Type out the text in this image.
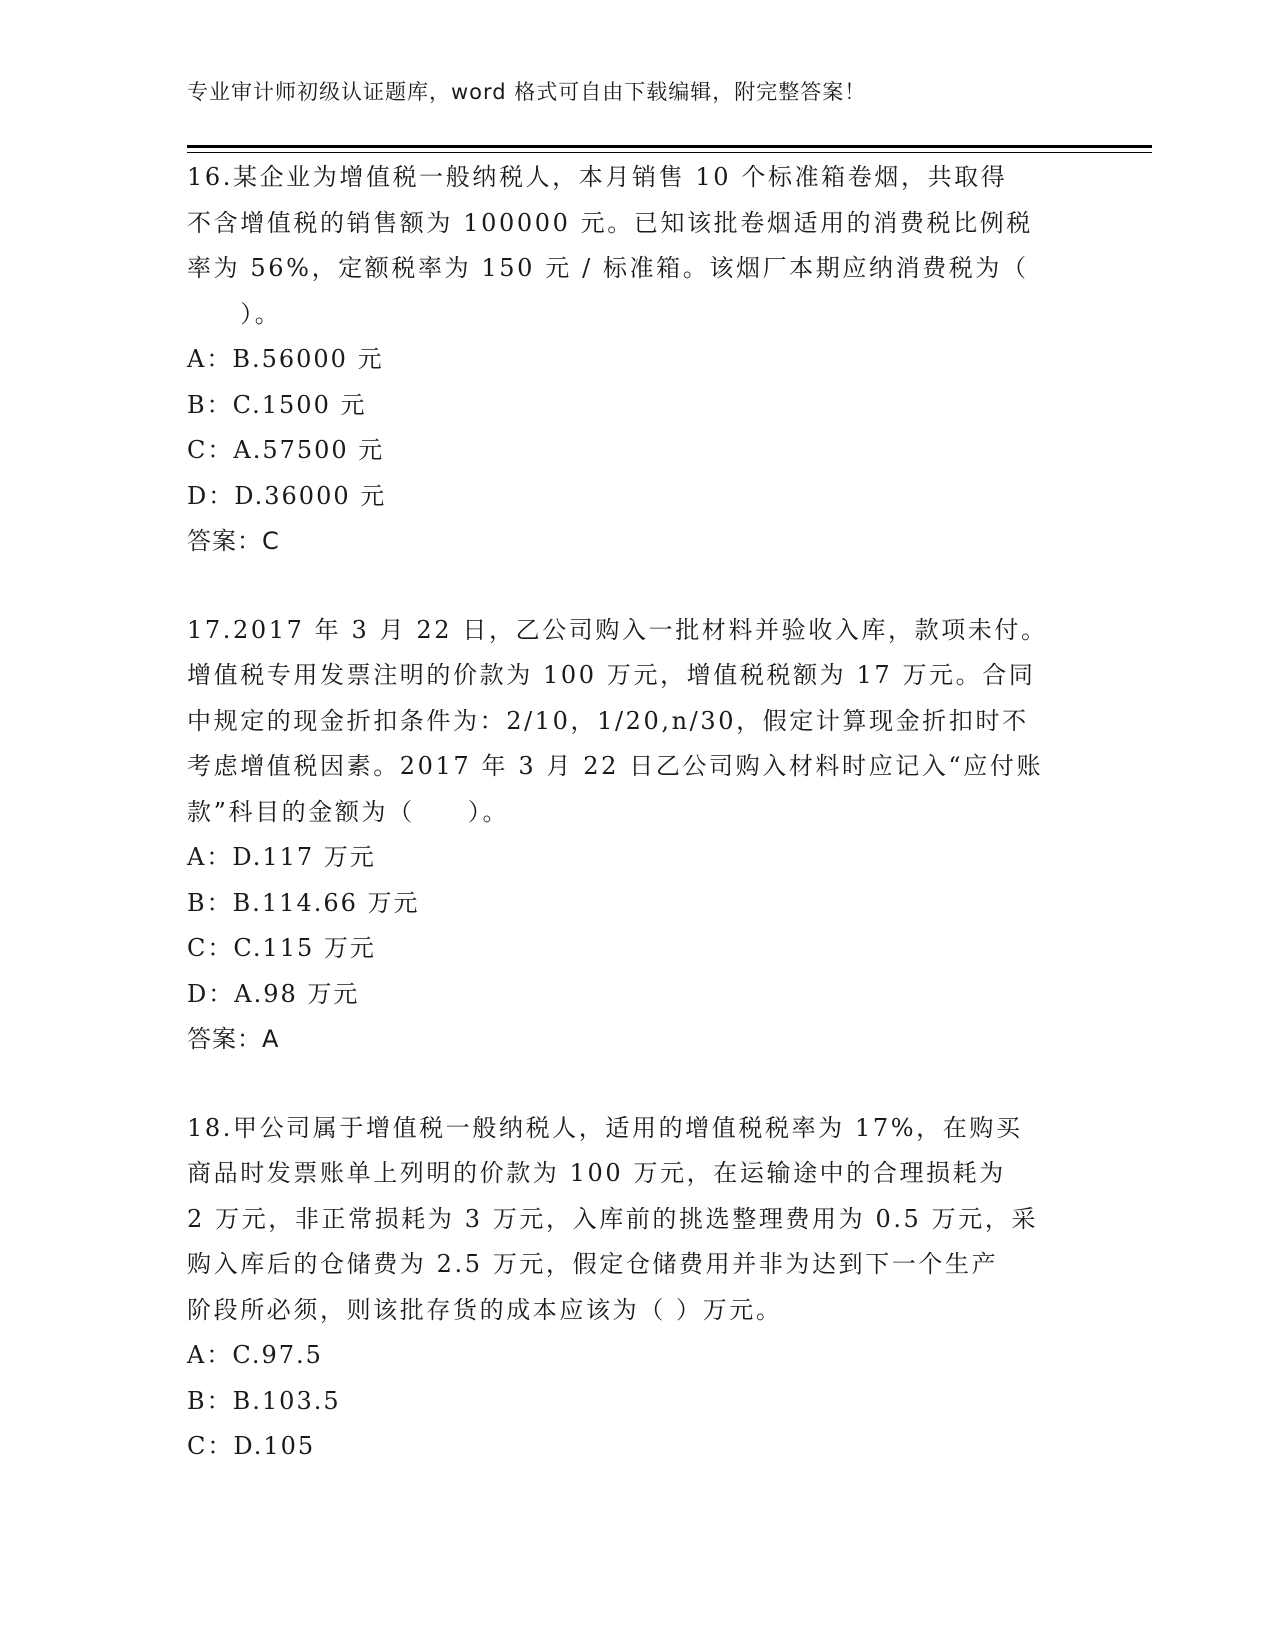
专业审计师初级认证题库，word 格式可自由下载编辑，附完整答案！

16.某企业为增值税一般纳税人，本月销售 10 个标准箱卷烟，共取得

不含增值税的销售额为 100000 元。已知该批卷烟适用的消费税比例税

率为 56%，定额税率为 150 元 / 标准箱。该烟厂本期应纳消费税为（

　　）。

A：B.56000 元

B：C.1500 元

C：A.57500 元

D：D.36000 元

答案：C

17.2017 年 3 月 22 日，乙公司购入一批材料并验收入库，款项未付。

增值税专用发票注明的价款为 100 万元，增值税税额为 17 万元。合同

中规定的现金折扣条件为：2/10，1/20,n/30，假定计算现金折扣时不

考虑增值税因素。2017 年 3 月 22 日乙公司购入材料时应记入“应付账

款”科目的金额为（　　）。

A：D.117 万元

B：B.114.66 万元

C：C.115 万元

D：A.98 万元

答案：A

18.甲公司属于增值税一般纳税人，适用的增值税税率为 17%，在购买

商品时发票账单上列明的价款为 100 万元，在运输途中的合理损耗为

2 万元，非正常损耗为 3 万元，入库前的挑选整理费用为 0.5 万元，采

购入库后的仓储费为 2.5 万元，假定仓储费用并非为达到下一个生产

阶段所必须，则该批存货的成本应该为（ ）万元。

A：C.97.5

B：B.103.5

C：D.105
